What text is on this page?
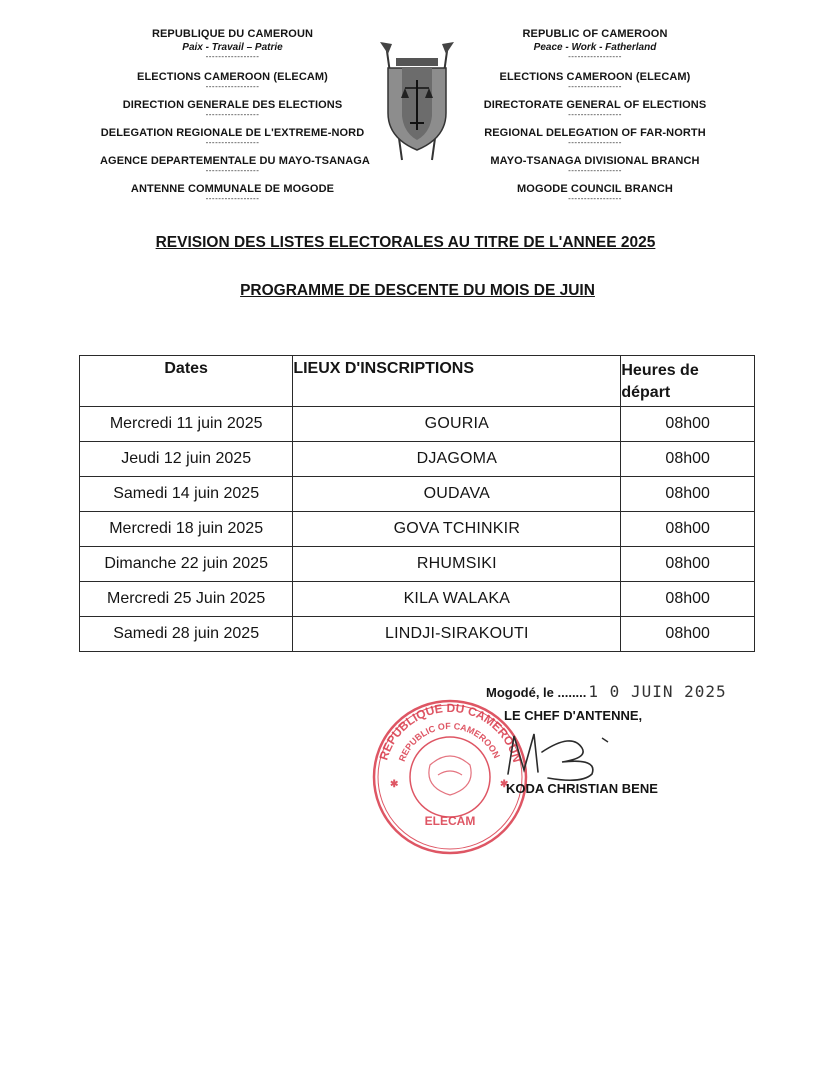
REPUBLIQUE DU CAMEROUN
Paix - Travail – Patrie
-----------------
ELECTIONS CAMEROON (ELECAM)
-----------------
DIRECTION GENERALE DES ELECTIONS
-----------------
DELEGATION REGIONALE DE L'EXTREME-NORD
-----------------
AGENCE DEPARTEMENTALE DU MAYO-TSANAGA
-----------------
ANTENNE COMMUNALE DE MOGODE
-----------------
REPUBLIC OF CAMEROON
Peace - Work - Fatherland
-----------------
ELECTIONS CAMEROON (ELECAM)
-----------------
DIRECTORATE GENERAL OF ELECTIONS
-----------------
REGIONAL DELEGATION OF FAR-NORTH
-----------------
MAYO-TSANAGA DIVISIONAL BRANCH
-----------------
MOGODE COUNCIL BRANCH
-----------------
REVISION DES LISTES ELECTORALES AU TITRE DE L'ANNEE 2025
PROGRAMME DE DESCENTE DU MOIS DE JUIN
Dates	LIEUX D'INSCRIPTIONS	Heures de
départ
Mercredi 11 juin 2025	GOURIA	08h00
Jeudi 12 juin 2025	DJAGOMA	08h00
Samedi 14 juin 2025	OUDAVA	08h00
Mercredi 18 juin 2025	GOVA TCHINKIR	08h00
Dimanche 22 juin 2025	RHUMSIKI	08h00
Mercredi 25 Juin 2025	KILA WALAKA	08h00
Samedi 28 juin 2025	LINDJI-SIRAKOUTI	08h00
REPUBLIQUE DU CAMEROUN
REPUBLIC OF CAMEROON
ELECAM
✱	✱
Mogodé, le ........ 1 0 JUIN 2025
LE CHEF D'ANTENNE,
KODA CHRISTIAN BENE
